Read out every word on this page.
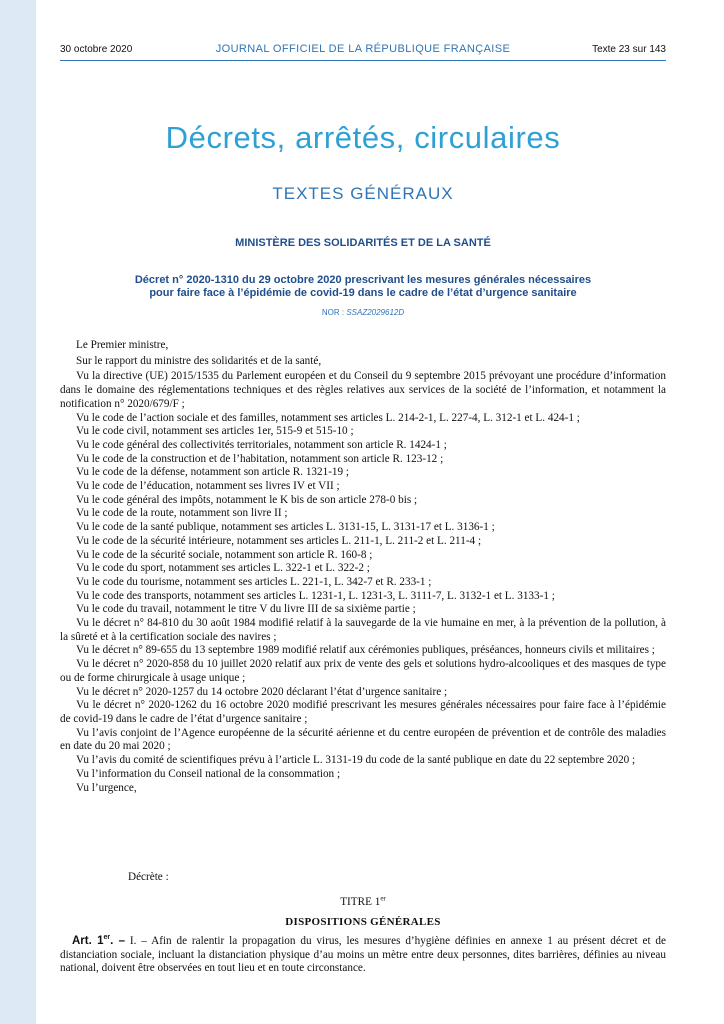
30 octobre 2020	JOURNAL OFFICIEL DE LA RÉPUBLIQUE FRANÇAISE	Texte 23 sur 143
Décrets, arrêtés, circulaires
TEXTES GÉNÉRAUX
MINISTÈRE DES SOLIDARITÉS ET DE LA SANTÉ
Décret n° 2020-1310 du 29 octobre 2020 prescrivant les mesures générales nécessaires
pour faire face à l’épidémie de covid-19 dans le cadre de l’état d’urgence sanitaire
NOR : SSAZ2029612D

Le Premier ministre,

Sur le rapport du ministre des solidarités et de la santé,

Vu la directive (UE) 2015/1535 du Parlement européen et du Conseil du 9 septembre 2015 prévoyant une procédure d’information dans le domaine des réglementations techniques et des règles relatives aux services de la société de l’information, et notamment la notification n° 2020/679/F ;

Vu le code de l’action sociale et des familles, notamment ses articles L. 214-2-1, L. 227-4, L. 312-1 et L. 424-1 ;

Vu le code civil, notamment ses articles 1er, 515-9 et 515-10 ;

Vu le code général des collectivités territoriales, notamment son article R. 1424-1 ;

Vu le code de la construction et de l’habitation, notamment son article R. 123-12 ;

Vu le code de la défense, notamment son article R. 1321-19 ;

Vu le code de l’éducation, notamment ses livres IV et VII ;

Vu le code général des impôts, notamment le K bis de son article 278-0 bis ;

Vu le code de la route, notamment son livre II ;

Vu le code de la santé publique, notamment ses articles L. 3131-15, L. 3131-17 et L. 3136-1 ;

Vu le code de la sécurité intérieure, notamment ses articles L. 211-1, L. 211-2 et L. 211-4 ;

Vu le code de la sécurité sociale, notamment son article R. 160-8 ;

Vu le code du sport, notamment ses articles L. 322-1 et L. 322-2 ;

Vu le code du tourisme, notamment ses articles L. 221-1, L. 342-7 et R. 233-1 ;

Vu le code des transports, notamment ses articles L. 1231-1, L. 1231-3, L. 3111-7, L. 3132-1 et L. 3133-1 ;

Vu le code du travail, notamment le titre V du livre III de sa sixième partie ;

Vu le décret n° 84-810 du 30 août 1984 modifié relatif à la sauvegarde de la vie humaine en mer, à la prévention de la pollution, à la sûreté et à la certification sociale des navires ;

Vu le décret n° 89-655 du 13 septembre 1989 modifié relatif aux cérémonies publiques, préséances, honneurs civils et militaires ;

Vu le décret n° 2020-858 du 10 juillet 2020 relatif aux prix de vente des gels et solutions hydro-alcooliques et des masques de type ou de forme chirurgicale à usage unique ;

Vu le décret n° 2020-1257 du 14 octobre 2020 déclarant l’état d’urgence sanitaire ;

Vu le décret n° 2020-1262 du 16 octobre 2020 modifié prescrivant les mesures générales nécessaires pour faire face à l’épidémie de covid-19 dans le cadre de l’état d’urgence sanitaire ;

Vu l’avis conjoint de l’Agence européenne de la sécurité aérienne et du centre européen de prévention et de contrôle des maladies en date du 20 mai 2020 ;

Vu l’avis du comité de scientifiques prévu à l’article L. 3131-19 du code de la santé publique en date du 22 septembre 2020 ;

Vu l’information du Conseil national de la consommation ;

Vu l’urgence,

Décrète :
TITRE 1er
DISPOSITIONS GÉNÉRALES

Art. 1er. – I. – Afin de ralentir la propagation du virus, les mesures d’hygiène définies en annexe 1 au présent décret et de distanciation sociale, incluant la distanciation physique d’au moins un mètre entre deux personnes, dites barrières, définies au niveau national, doivent être observées en tout lieu et en toute circonstance.
